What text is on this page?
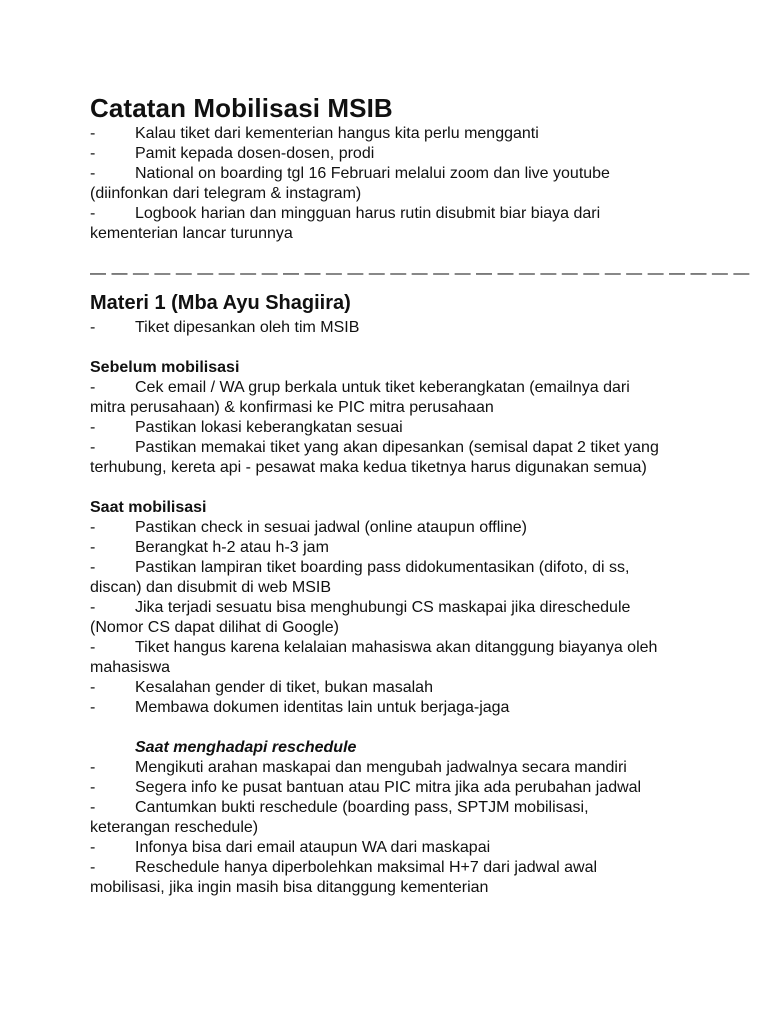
Catatan Mobilisasi MSIB
- Kalau tiket dari kementerian hangus kita perlu mengganti
- Pamit kepada dosen-dosen, prodi
- National on boarding tgl 16 Februari melalui zoom dan live youtube
(diinfonkan dari telegram & instagram)
- Logbook harian dan mingguan harus rutin disubmit biar biaya dari
kementerian lancar turunnya
— — — — — — — — — — — — — — — — — — — — — — — — — — — — — — —
Materi 1 (Mba Ayu Shagiira)
- Tiket dipesankan oleh tim MSIB
Sebelum mobilisasi
- Cek email / WA grup berkala untuk tiket keberangkatan (emailnya dari
mitra perusahaan) & konfirmasi ke PIC mitra perusahaan
- Pastikan lokasi keberangkatan sesuai
- Pastikan memakai tiket yang akan dipesankan (semisal dapat 2 tiket yang
terhubung, kereta api - pesawat maka kedua tiketnya harus digunakan semua)
Saat mobilisasi
- Pastikan check in sesuai jadwal (online ataupun offline)
- Berangkat h-2 atau h-3 jam
- Pastikan lampiran tiket boarding pass didokumentasikan (difoto, di ss,
discan) dan disubmit di web MSIB
- Jika terjadi sesuatu bisa menghubungi CS maskapai jika direschedule
(Nomor CS dapat dilihat di Google)
- Tiket hangus karena kelalaian mahasiswa akan ditanggung biayanya oleh
mahasiswa
- Kesalahan gender di tiket, bukan masalah
- Membawa dokumen identitas lain untuk berjaga-jaga
Saat menghadapi reschedule
- Mengikuti arahan maskapai dan mengubah jadwalnya secara mandiri
- Segera info ke pusat bantuan atau PIC mitra jika ada perubahan jadwal
- Cantumkan bukti reschedule (boarding pass, SPTJM mobilisasi,
keterangan reschedule)
- Infonya bisa dari email ataupun WA dari maskapai
- Reschedule hanya diperbolehkan maksimal H+7 dari jadwal awal
mobilisasi, jika ingin masih bisa ditanggung kementerian
